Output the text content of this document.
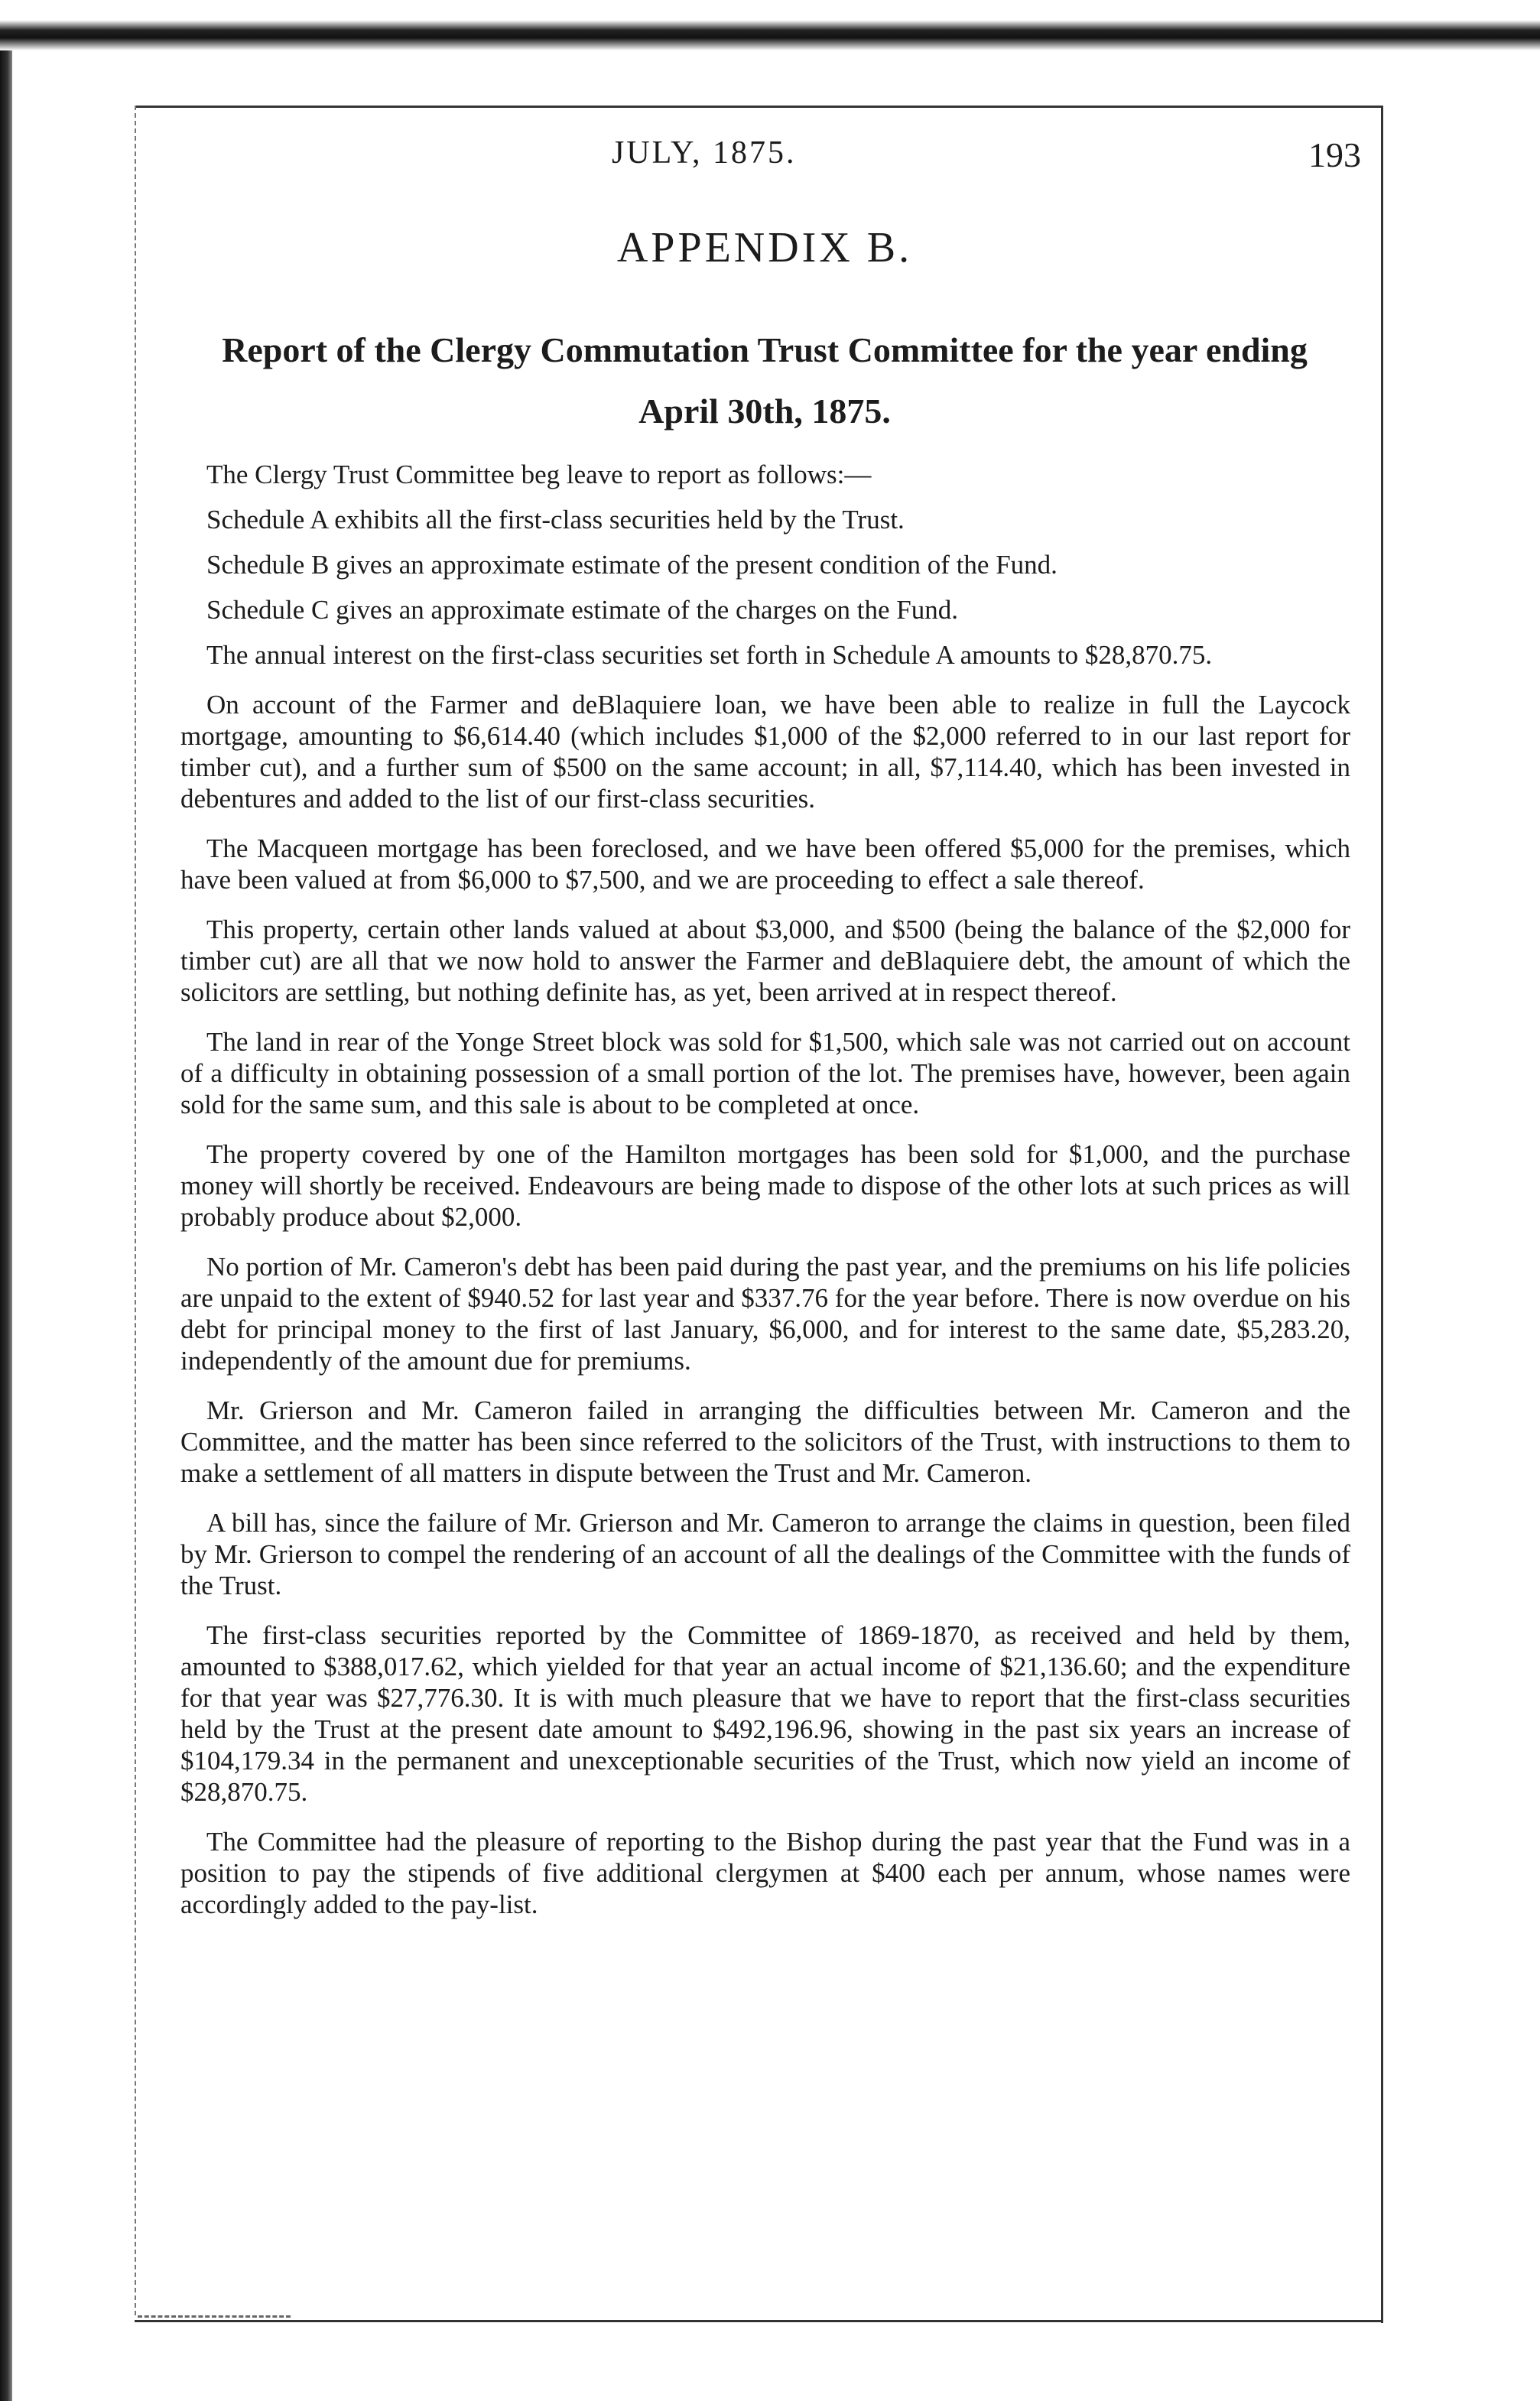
JULY, 1875.	193
APPENDIX B.
Report of the Clergy Commutation Trust Committee for the year ending April 30th, 1875.

The Clergy Trust Committee beg leave to report as follows:—

Schedule A exhibits all the first-class securities held by the Trust.

Schedule B gives an approximate estimate of the present condition of the Fund.

Schedule C gives an approximate estimate of the charges on the Fund.

The annual interest on the first-class securities set forth in Schedule A amounts to $28,870.75.

On account of the Farmer and deBlaquiere loan, we have been able to realize in full the Laycock mortgage, amounting to $6,614.40 (which includes $1,000 of the $2,000 referred to in our last report for timber cut), and a further sum of $500 on the same account; in all, $7,114.40, which has been invested in debentures and added to the list of our first-class securities.

The Macqueen mortgage has been foreclosed, and we have been offered $5,000 for the premises, which have been valued at from $6,000 to $7,500, and we are proceeding to effect a sale thereof.

This property, certain other lands valued at about $3,000, and $500 (being the balance of the $2,000 for timber cut) are all that we now hold to answer the Farmer and deBlaquiere debt, the amount of which the solicitors are settling, but nothing definite has, as yet, been arrived at in respect thereof.

The land in rear of the Yonge Street block was sold for $1,500, which sale was not carried out on account of a difficulty in obtaining possession of a small portion of the lot. The premises have, however, been again sold for the same sum, and this sale is about to be completed at once.

The property covered by one of the Hamilton mortgages has been sold for $1,000, and the purchase money will shortly be received. Endeavours are being made to dispose of the other lots at such prices as will probably produce about $2,000.

No portion of Mr. Cameron's debt has been paid during the past year, and the premiums on his life policies are unpaid to the extent of $940.52 for last year and $337.76 for the year before. There is now overdue on his debt for principal money to the first of last January, $6,000, and for interest to the same date, $5,283.20, independently of the amount due for premiums.

Mr. Grierson and Mr. Cameron failed in arranging the difficulties between Mr. Cameron and the Committee, and the matter has been since referred to the solicitors of the Trust, with instructions to them to make a settlement of all matters in dispute between the Trust and Mr. Cameron.

A bill has, since the failure of Mr. Grierson and Mr. Cameron to arrange the claims in question, been filed by Mr. Grierson to compel the rendering of an account of all the dealings of the Committee with the funds of the Trust.

The first-class securities reported by the Committee of 1869-1870, as received and held by them, amounted to $388,017.62, which yielded for that year an actual income of $21,136.60; and the expenditure for that year was $27,776.30. It is with much pleasure that we have to report that the first-class securities held by the Trust at the present date amount to $492,196.96, showing in the past six years an increase of $104,179.34 in the permanent and unexceptionable securities of the Trust, which now yield an income of $28,870.75.

The Committee had the pleasure of reporting to the Bishop during the past year that the Fund was in a position to pay the stipends of five additional clergymen at $400 each per annum, whose names were accordingly added to the pay-list.
